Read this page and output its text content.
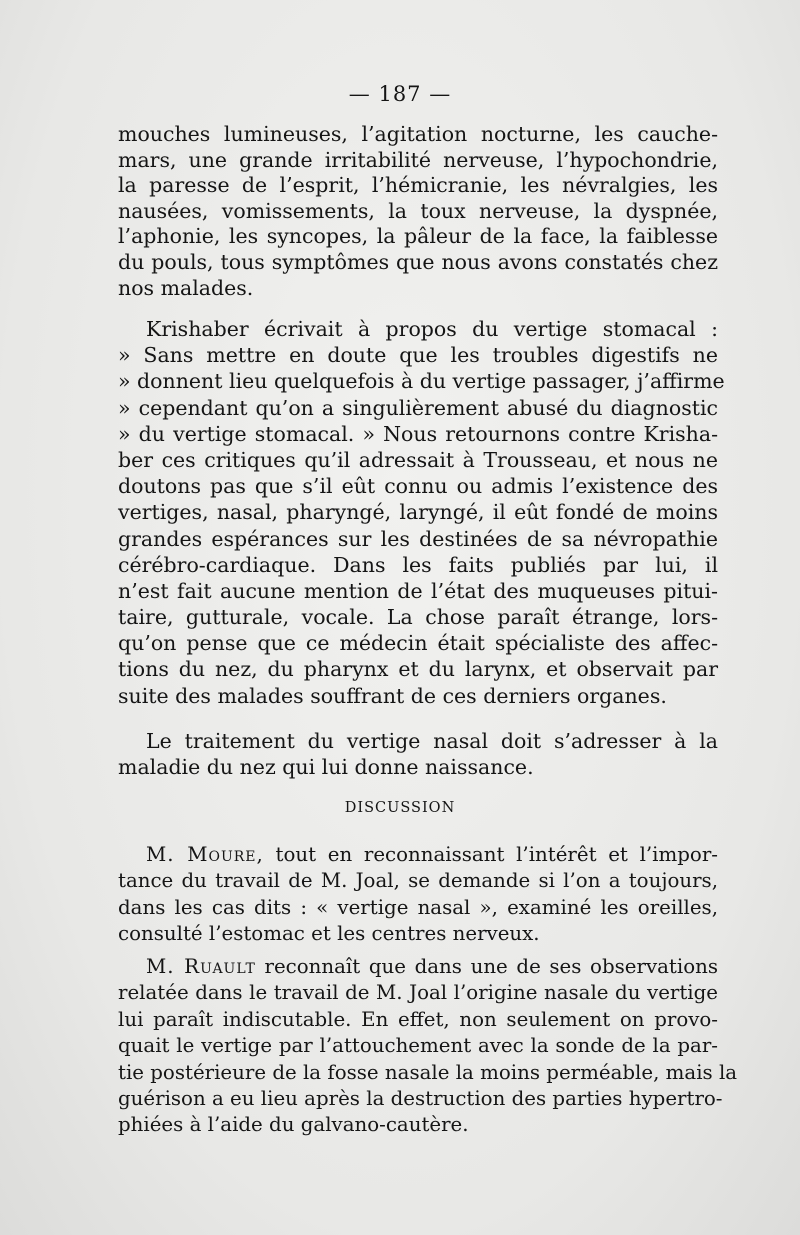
— 187 —
mouches lumineuses, l’agitation nocturne, les cauche-
mars, une grande irritabilité nerveuse, l’hypochondrie,
la paresse de l’esprit, l’hémicranie, les névralgies, les
nausées, vomissements, la toux nerveuse, la dyspnée,
l’aphonie, les syncopes, la pâleur de la face, la faiblesse
du pouls, tous symptômes que nous avons constatés chez
nos malades.
Krishaber écrivait à propos du vertige stomacal :
» Sans mettre en doute que les troubles digestifs ne
» donnent lieu quelquefois à du vertige passager, j’affirme
» cependant qu’on a singulièrement abusé du diagnostic
» du vertige stomacal. » Nous retournons contre Krisha-
ber ces critiques qu’il adressait à Trousseau, et nous ne
doutons pas que s’il eût connu ou admis l’existence des
vertiges, nasal, pharyngé, laryngé, il eût fondé de moins
grandes espérances sur les destinées de sa névropathie
cérébro-cardiaque. Dans les faits publiés par lui, il
n’est fait aucune mention de l’état des muqueuses pitui-
taire, gutturale, vocale. La chose paraît étrange, lors-
qu’on pense que ce médecin était spécialiste des affec-
tions du nez, du pharynx et du larynx, et observait par
suite des malades souffrant de ces derniers organes.
Le traitement du vertige nasal doit s’adresser à la
maladie du nez qui lui donne naissance.
DISCUSSION
M. Moure, tout en reconnaissant l’intérêt et l’impor-
tance du travail de M. Joal, se demande si l’on a toujours,
dans les cas dits : « vertige nasal », examiné les oreilles,
consulté l’estomac et les centres nerveux.
M. Ruault reconnaît que dans une de ses observations
relatée dans le travail de M. Joal l’origine nasale du vertige
lui paraît indiscutable. En effet, non seulement on provo-
quait le vertige par l’attouchement avec la sonde de la par-
tie postérieure de la fosse nasale la moins perméable, mais la
guérison a eu lieu après la destruction des parties hypertro-
phiées à l’aide du galvano-cautère.
